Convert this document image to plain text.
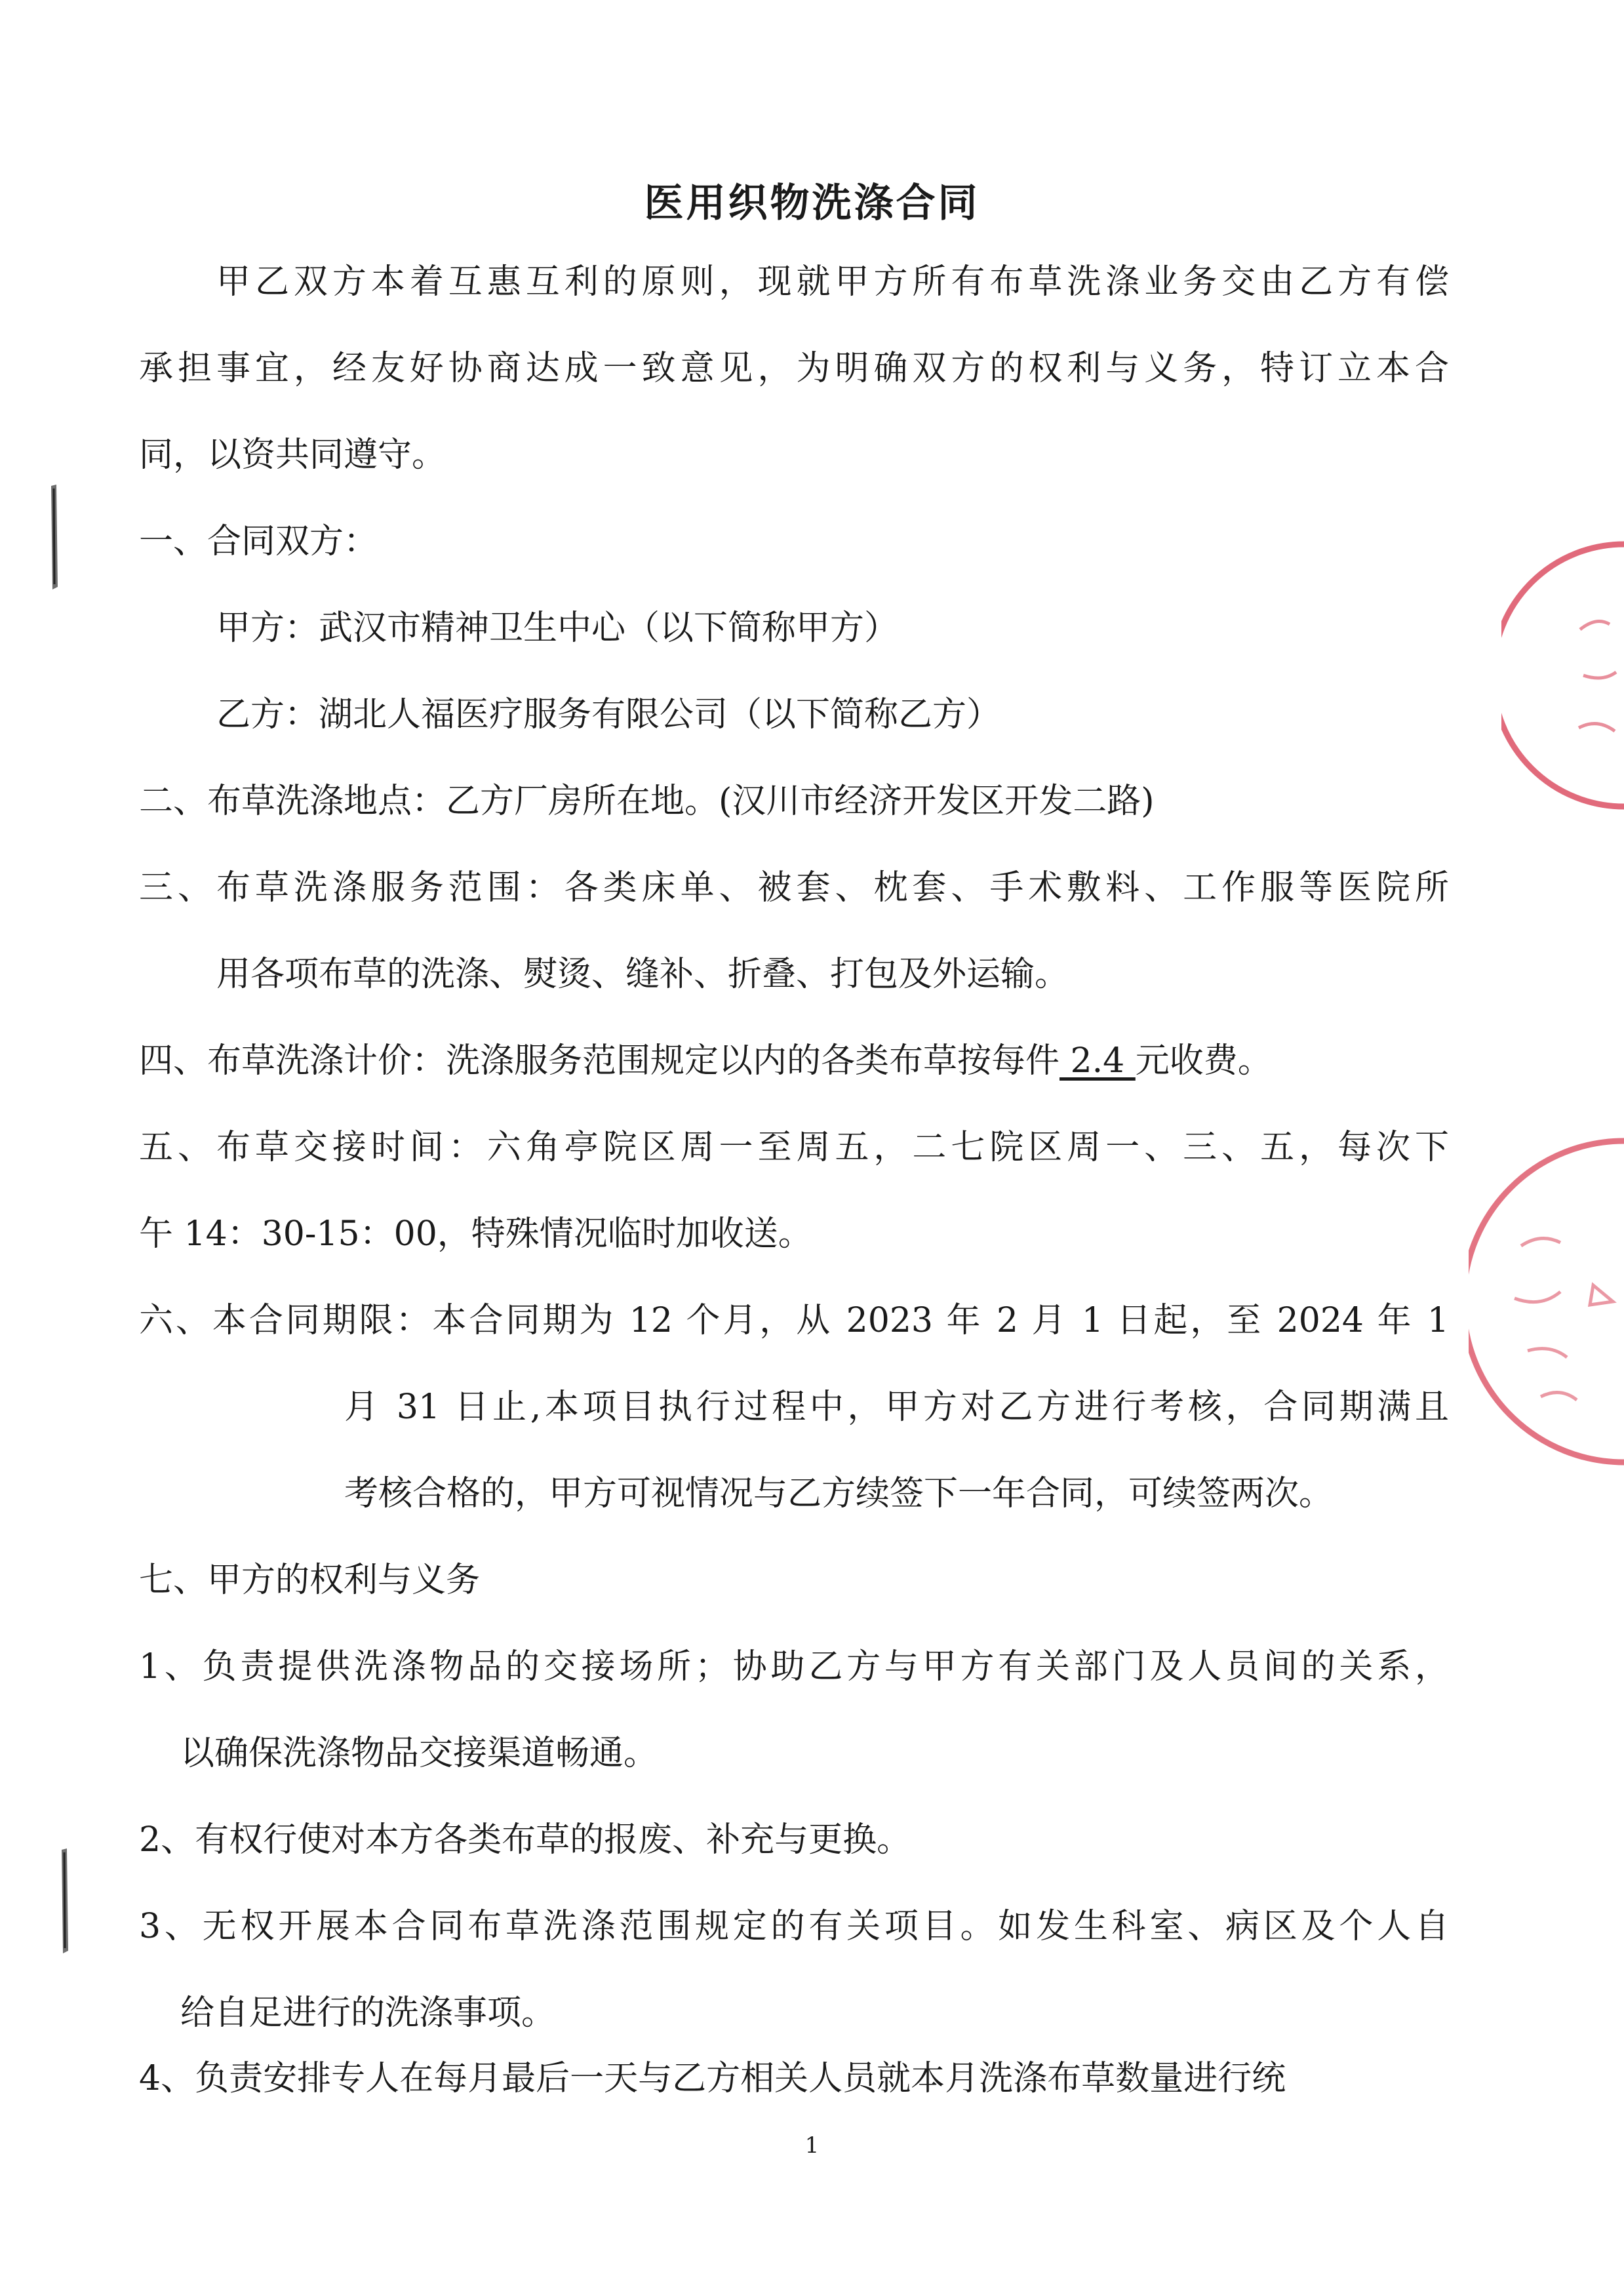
医用织物洗涤合同
甲乙双方本着互惠互利的原则，现就甲方所有布草洗涤业务交由乙方有偿
承担事宜，经友好协商达成一致意见，为明确双方的权利与义务，特订立本合
同，以资共同遵守。
一、合同双方：
甲方：武汉市精神卫生中心（以下简称甲方）
乙方：湖北人福医疗服务有限公司（以下简称乙方）
二、布草洗涤地点：乙方厂房所在地。(汉川市经济开发区开发二路)
三、布草洗涤服务范围：各类床单、被套、枕套、手术敷料、工作服等医院所
用各项布草的洗涤、熨烫、缝补、折叠、打包及外运输。
四、布草洗涤计价：洗涤服务范围规定以内的各类布草按每件 2.4 元收费。
五、布草交接时间：六角亭院区周一至周五，二七院区周一、三、五，每次下
午 14：30-15：00，特殊情况临时加收送。
六、本合同期限：本合同期为 12 个月，从 2023 年 2 月 1 日起，至 2024 年 1
月 31 日止,本项目执行过程中，甲方对乙方进行考核，合同期满且
考核合格的，甲方可视情况与乙方续签下一年合同，可续签两次。
七、甲方的权利与义务
1、负责提供洗涤物品的交接场所；协助乙方与甲方有关部门及人员间的关系，
以确保洗涤物品交接渠道畅通。
2、有权行使对本方各类布草的报废、补充与更换。
3、无权开展本合同布草洗涤范围规定的有关项目。如发生科室、病区及个人自
给自足进行的洗涤事项。
4、负责安排专人在每月最后一天与乙方相关人员就本月洗涤布草数量进行统
1
